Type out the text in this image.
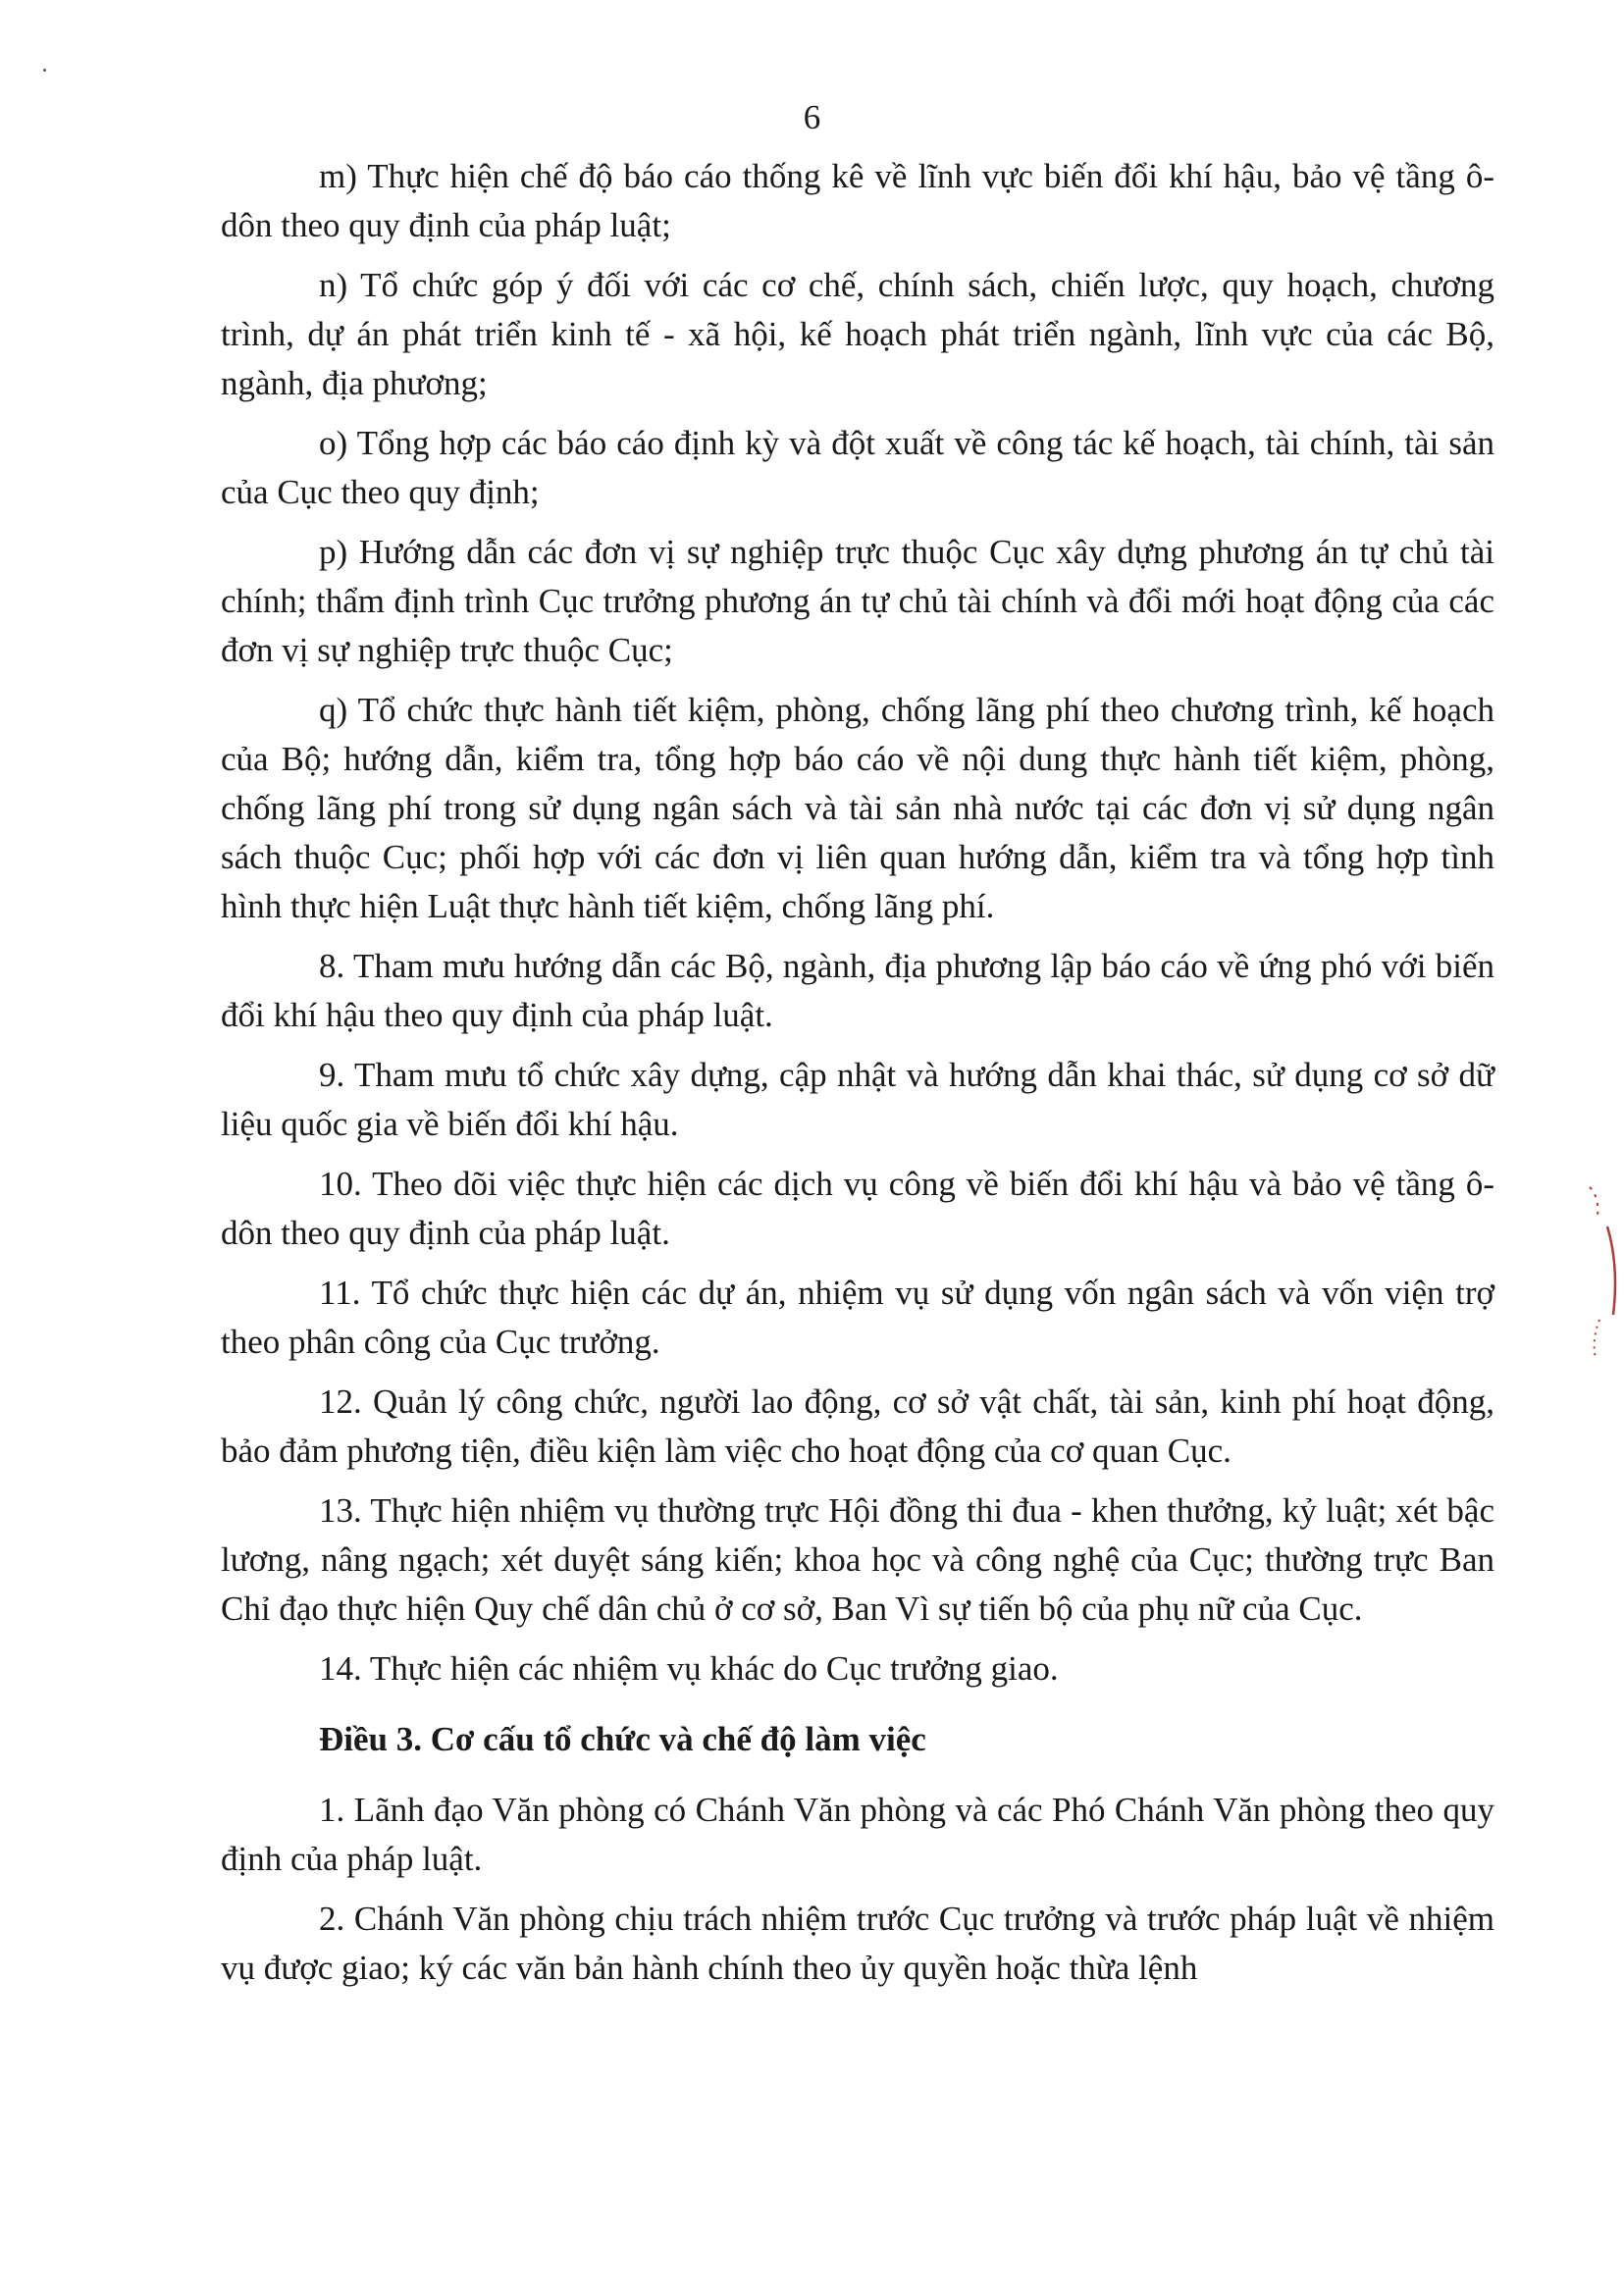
6

m) Thực hiện chế độ báo cáo thống kê về lĩnh vực biến đổi khí hậu, bảo vệ tầng ô-dôn theo quy định của pháp luật;

n) Tổ chức góp ý đối với các cơ chế, chính sách, chiến lược, quy hoạch, chương trình, dự án phát triển kinh tế - xã hội, kế hoạch phát triển ngành, lĩnh vực của các Bộ, ngành, địa phương;

o) Tổng hợp các báo cáo định kỳ và đột xuất về công tác kế hoạch, tài chính, tài sản của Cục theo quy định;

p) Hướng dẫn các đơn vị sự nghiệp trực thuộc Cục xây dựng phương án tự chủ tài chính; thẩm định trình Cục trưởng phương án tự chủ tài chính và đổi mới hoạt động của các đơn vị sự nghiệp trực thuộc Cục;

q) Tổ chức thực hành tiết kiệm, phòng, chống lãng phí theo chương trình, kế hoạch của Bộ; hướng dẫn, kiểm tra, tổng hợp báo cáo về nội dung thực hành tiết kiệm, phòng, chống lãng phí trong sử dụng ngân sách và tài sản nhà nước tại các đơn vị sử dụng ngân sách thuộc Cục; phối hợp với các đơn vị liên quan hướng dẫn, kiểm tra và tổng hợp tình hình thực hiện Luật thực hành tiết kiệm, chống lãng phí.

8. Tham mưu hướng dẫn các Bộ, ngành, địa phương lập báo cáo về ứng phó với biến đổi khí hậu theo quy định của pháp luật.

9. Tham mưu tổ chức xây dựng, cập nhật và hướng dẫn khai thác, sử dụng cơ sở dữ liệu quốc gia về biến đổi khí hậu.

10. Theo dõi việc thực hiện các dịch vụ công về biến đổi khí hậu và bảo vệ tầng ô-dôn theo quy định của pháp luật.

11. Tổ chức thực hiện các dự án, nhiệm vụ sử dụng vốn ngân sách và vốn viện trợ theo phân công của Cục trưởng.

12. Quản lý công chức, người lao động, cơ sở vật chất, tài sản, kinh phí hoạt động, bảo đảm phương tiện, điều kiện làm việc cho hoạt động của cơ quan Cục.

13. Thực hiện nhiệm vụ thường trực Hội đồng thi đua - khen thưởng, kỷ luật; xét bậc lương, nâng ngạch; xét duyệt sáng kiến; khoa học và công nghệ của Cục; thường trực Ban Chỉ đạo thực hiện Quy chế dân chủ ở cơ sở, Ban Vì sự tiến bộ của phụ nữ của Cục.

14. Thực hiện các nhiệm vụ khác do Cục trưởng giao.

Điều 3. Cơ cấu tổ chức và chế độ làm việc

1. Lãnh đạo Văn phòng có Chánh Văn phòng và các Phó Chánh Văn phòng theo quy định của pháp luật.

2. Chánh Văn phòng chịu trách nhiệm trước Cục trưởng và trước pháp luật về nhiệm vụ được giao; ký các văn bản hành chính theo ủy quyền hoặc thừa lệnh
